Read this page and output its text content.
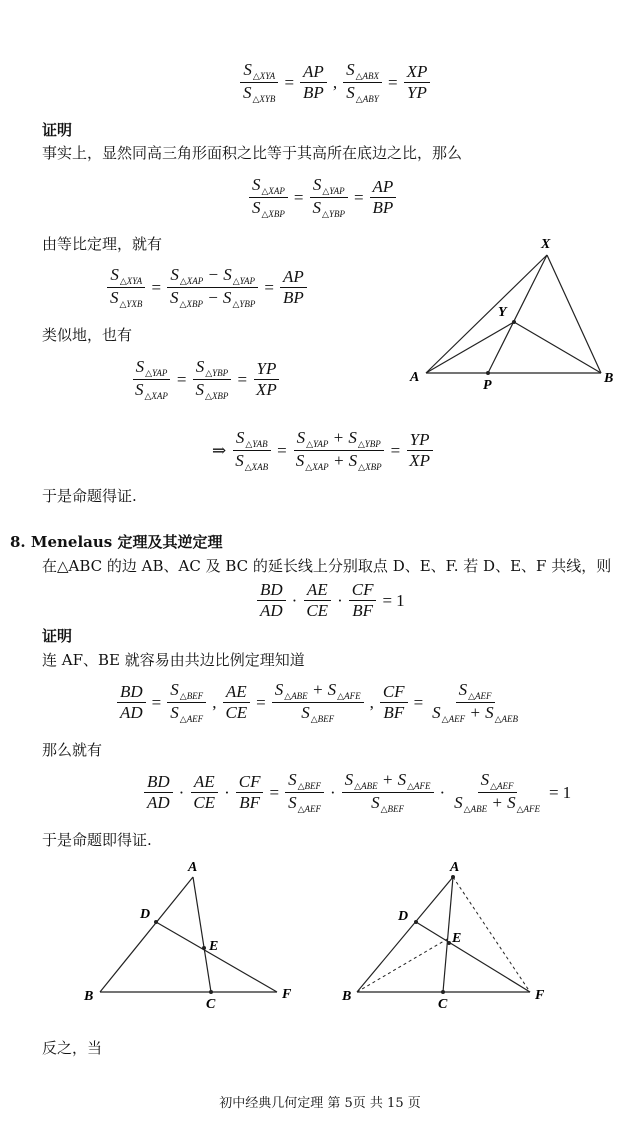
$\frac{S_{\triangle XYA}}{S_{\triangle XYB}} = \frac{AP}{BP}$ , $\frac{S_{\triangle ABX}}{S_{\triangle ABY}} = \frac{XP}{YP}$
证明
事实上，显然同高三角形面积之比等于其高所在底边之比，那么
$\frac{S_{\triangle XAP}}{S_{\triangle XBP}} = \frac{S_{\triangle YAP}}{S_{\triangle YBP}} = \frac{AP}{BP}$
由等比定理，就有
$\frac{S_{\triangle XYA}}{S_{\triangle YXB}} = \frac{S_{\triangle XAP} - S_{\triangle YAP}}{S_{\triangle XBP} - S_{\triangle YBP}} = \frac{AP}{BP}$
类似地，也有
$\frac{S_{\triangle YAP}}{S_{\triangle XAP}} = \frac{S_{\triangle YBP}}{S_{\triangle XBP}} = \frac{YP}{XP}$
⇒ $\frac{S_{\triangle YAB}}{S_{\triangle XAB}} = \frac{S_{\triangle YAP} + S_{\triangle YBP}}{S_{\triangle XAP} + S_{\triangle XBP}} = \frac{YP}{XP}$
于是命题得证.
X
Y
A
P	B
8. Menelaus 定理及其逆定理
在△ABC 的边 AB、AC 及 BC 的延长线上分别取点 D、E、F. 若 D、E、F 共线，则
$\frac{BD}{AD} \cdot \frac{AE}{CE} \cdot \frac{CF}{BF} = 1$
证明
连 AF、BE 就容易由共边比例定理知道
$\frac{BD}{AD} = \frac{S_{\triangle BEF}}{S_{\triangle AEF}}$ , $\frac{AE}{CE} = \frac{S_{\triangle ABE} + S_{\triangle AFE}}{S_{\triangle BEF}}$ , $\frac{CF}{BF} = \frac{S_{\triangle AEF}}{S_{\triangle AEF} + S_{\triangle AEB}}$
那么就有
$\frac{BD}{AD} \cdot \frac{AE}{CE} \cdot \frac{CF}{BF} = \frac{S_{\triangle BEF}}{S_{\triangle AEF}} \cdot \frac{S_{\triangle ABE} + S_{\triangle AFE}}{S_{\triangle BEF}} \cdot \frac{S_{\triangle AEF}}{S_{\triangle ABE} + S_{\triangle AFE}} = 1$
于是命题即得证.
A
D
E
B
C
F
A
D
E
B
C
F
反之，当
初中经典几何定理 第 5页 共 15 页
